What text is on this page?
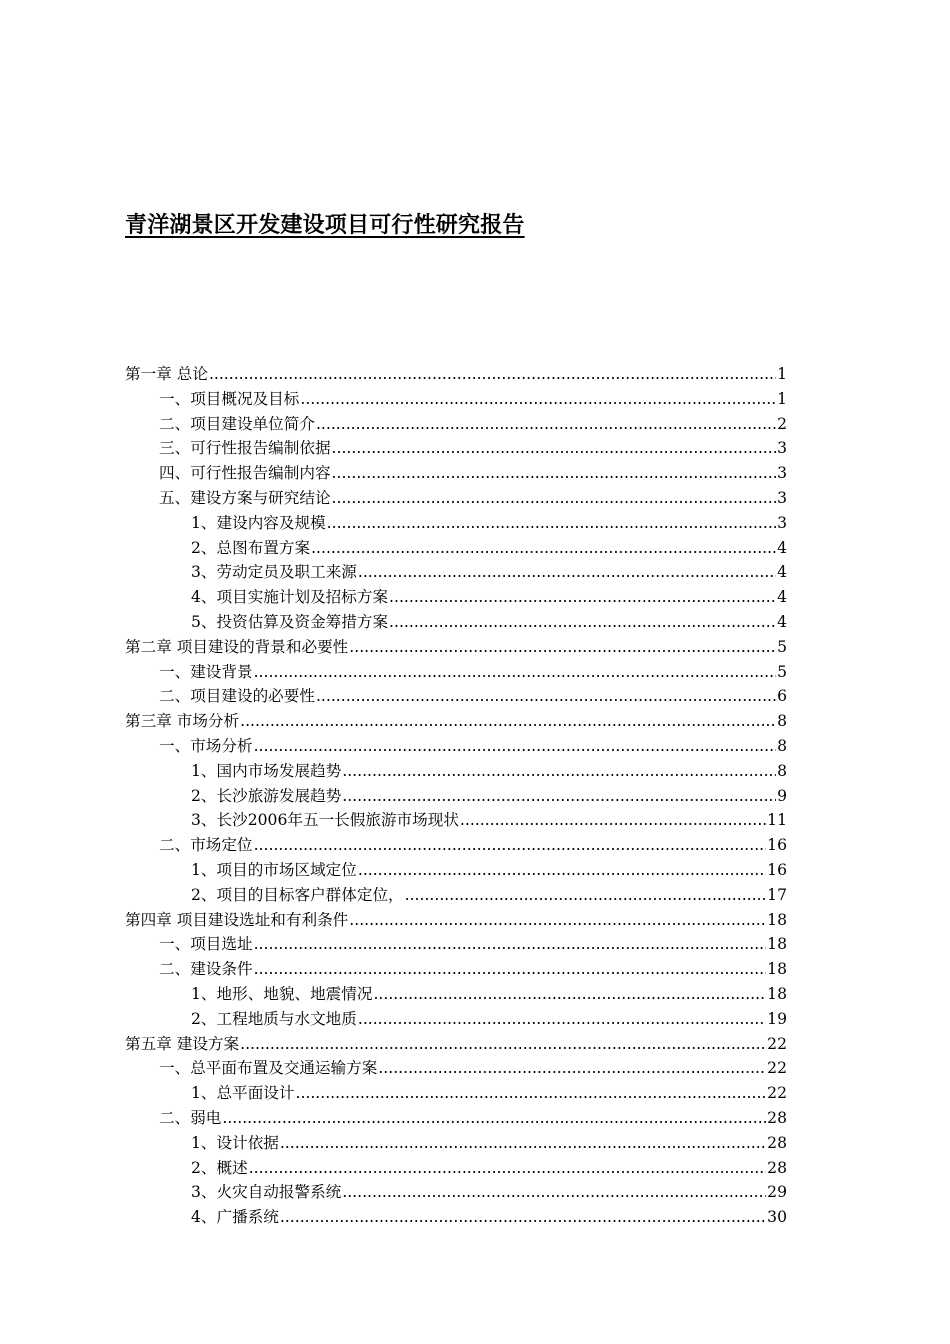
青洋湖景区开发建设项目可行性研究报告
第一章 总论 .....	1
一、项目概况及目标 .....	1
二、项目建设单位简介 .....	2
三、可行性报告编制依据 .....	3
四、可行性报告编制内容 .....	3
五、建设方案与研究结论 .....	3
1、建设内容及规模 .....	3
2、总图布置方案 .....	4
3、劳动定员及职工来源 .....	4
4、项目实施计划及招标方案 .....	4
5、投资估算及资金筹措方案 .....	4
第二章 项目建设的背景和必要性 .....	5
一、建设背景 .....	5
二、项目建设的必要性 .....	6
第三章 市场分析 .....	8
一、市场分析 .....	8
1、国内市场发展趋势 .....	8
2、长沙旅游发展趋势 .....	9
3、长沙2006年五一长假旅游市场现状 .....	11
二、市场定位 .....	16
1、项目的市场区域定位 .....	16
2、项目的目标客户群体定位， .....	17
第四章 项目建设选址和有利条件 .....	18
一、项目选址 .....	18
二、建设条件 .....	18
1、地形、地貌、地震情况 .....	18
2、工程地质与水文地质 .....	19
第五章 建设方案 .....	22
一、总平面布置及交通运输方案 .....	22
1、总平面设计 .....	22
二、弱电 .....	28
1、设计依据 .....	28
2、概述 .....	28
3、火灾自动报警系统 .....	29
4、广播系统 .....	30
